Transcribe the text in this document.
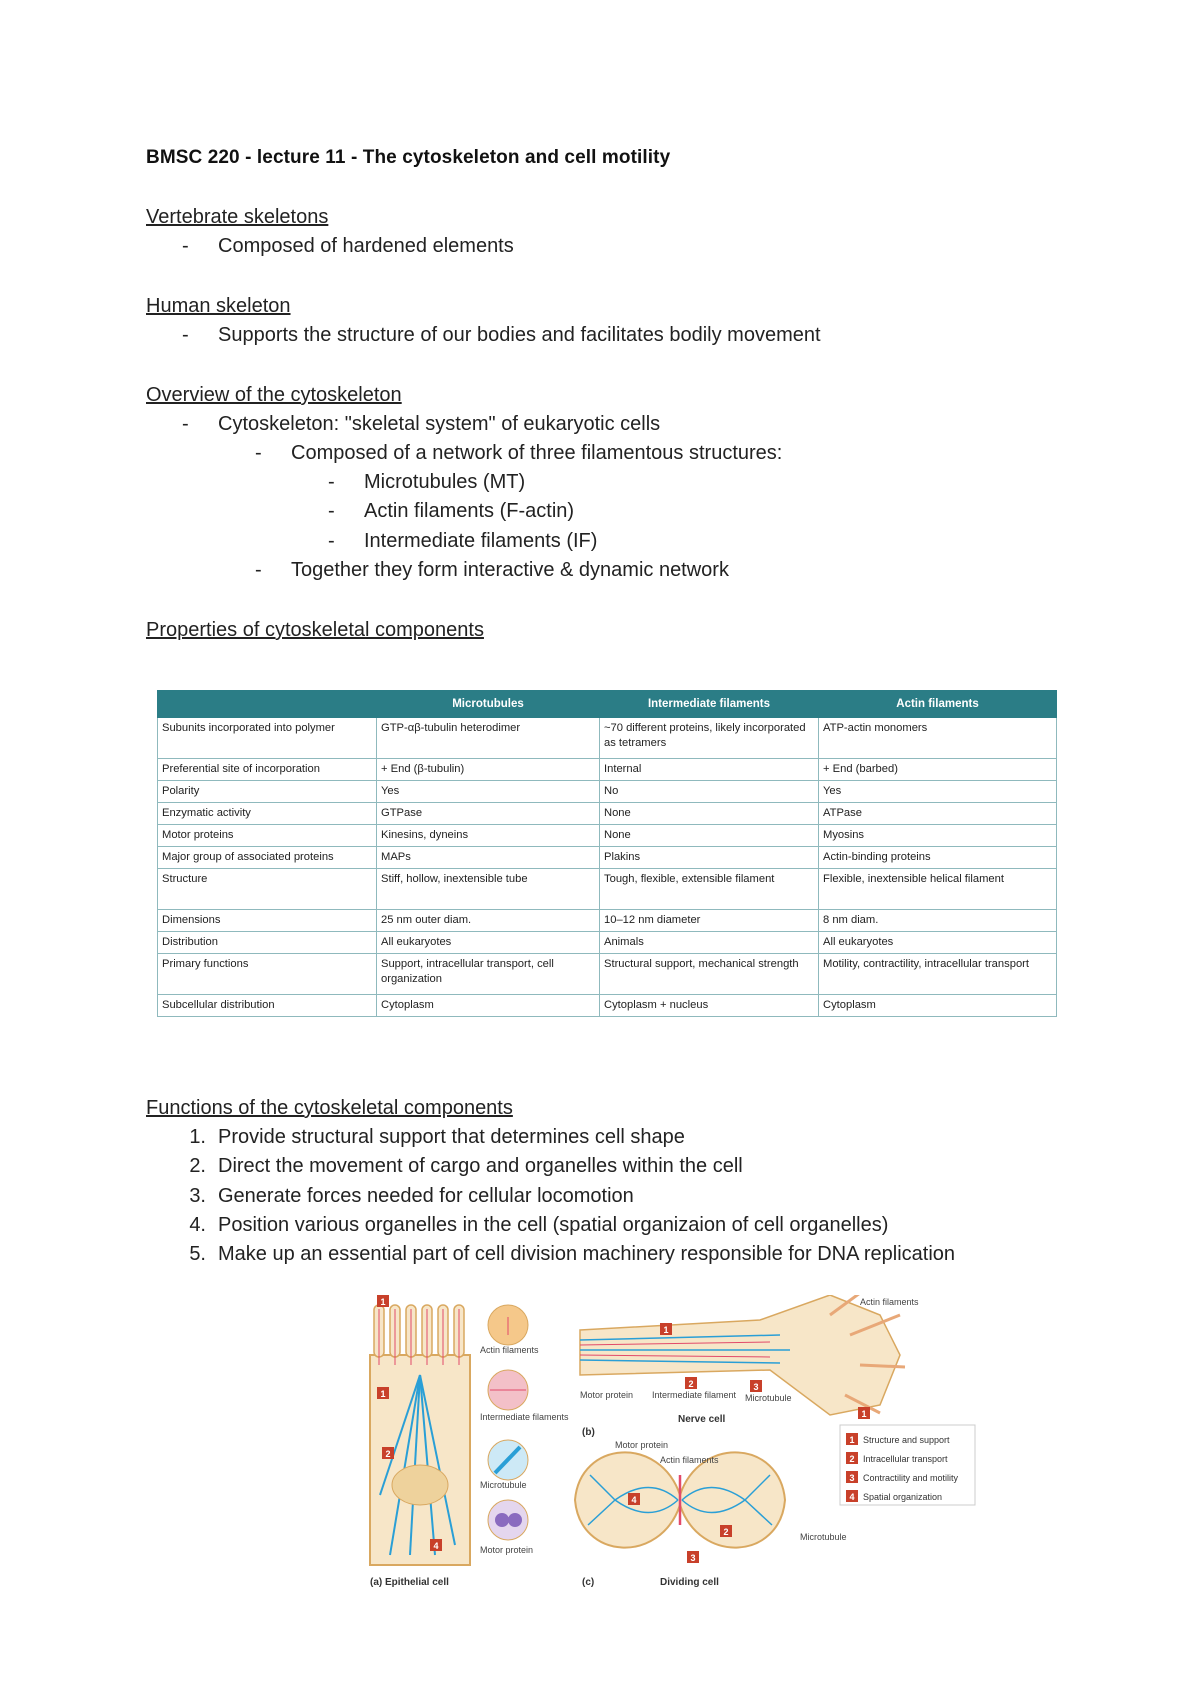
BMSC 220 - lecture 11 - The cytoskeleton and cell motility
Vertebrate skeletons

- Composed of hardened elements

Human skeleton

- Supports the structure of our bodies and facilitates bodily movement

Overview of the cytoskeleton

- Cytoskeleton: "skeletal system" of eukaryotic cells

- Composed of a network of three filamentous structures:

- Microtubules (MT)

- Actin filaments (F-actin)

- Intermediate filaments (IF)

- Together they form interactive & dynamic network

Properties of cytoskeletal components
	Microtubules	Intermediate filaments	Actin filaments
Subunits incorporated into polymer	GTP-αβ-tubulin heterodimer	~70 different proteins, likely incorporated as tetramers	ATP-actin monomers
Preferential site of incorporation	+ End (β-tubulin)	Internal	+ End (barbed)
Polarity	Yes	No	Yes
Enzymatic activity	GTPase	None	ATPase
Motor proteins	Kinesins, dyneins	None	Myosins
Major group of associated proteins	MAPs	Plakins	Actin-binding proteins
Structure	Stiff, hollow, inextensible tube	Tough, flexible, extensible filament	Flexible, inextensible helical filament
Dimensions	25 nm outer diam.	10–12 nm diameter	8 nm diam.
Distribution	All eukaryotes	Animals	All eukaryotes
Primary functions	Support, intracellular transport, cell organization	Structural support, mechanical strength	Motility, contractility, intracellular transport
Subcellular distribution	Cytoplasm	Cytoplasm + nucleus	Cytoplasm
Functions of the cytoskeletal components

1. Provide structural support that determines cell shape

2. Direct the movement of cargo and organelles within the cell

3. Generate forces needed for cellular locomotion

4. Position various organelles in the cell (spatial organizaion of cell organelles)

5. Make up an essential part of cell division machinery responsible for DNA replication

Actin filaments
Intermediate filaments
Microtubule
Motor protein
(a) Epithelial cell
1
1
2
4
Motor protein Intermediate filament Microtubule
Actin filaments
Nerve cell
(b)
1
2	3
1
Motor protein
Actin filaments
Microtubule
Dividing cell
(c)
4
2
3
1 Structure and support
2 Intracellular transport
3 Contractility and motility
4 Spatial organization
